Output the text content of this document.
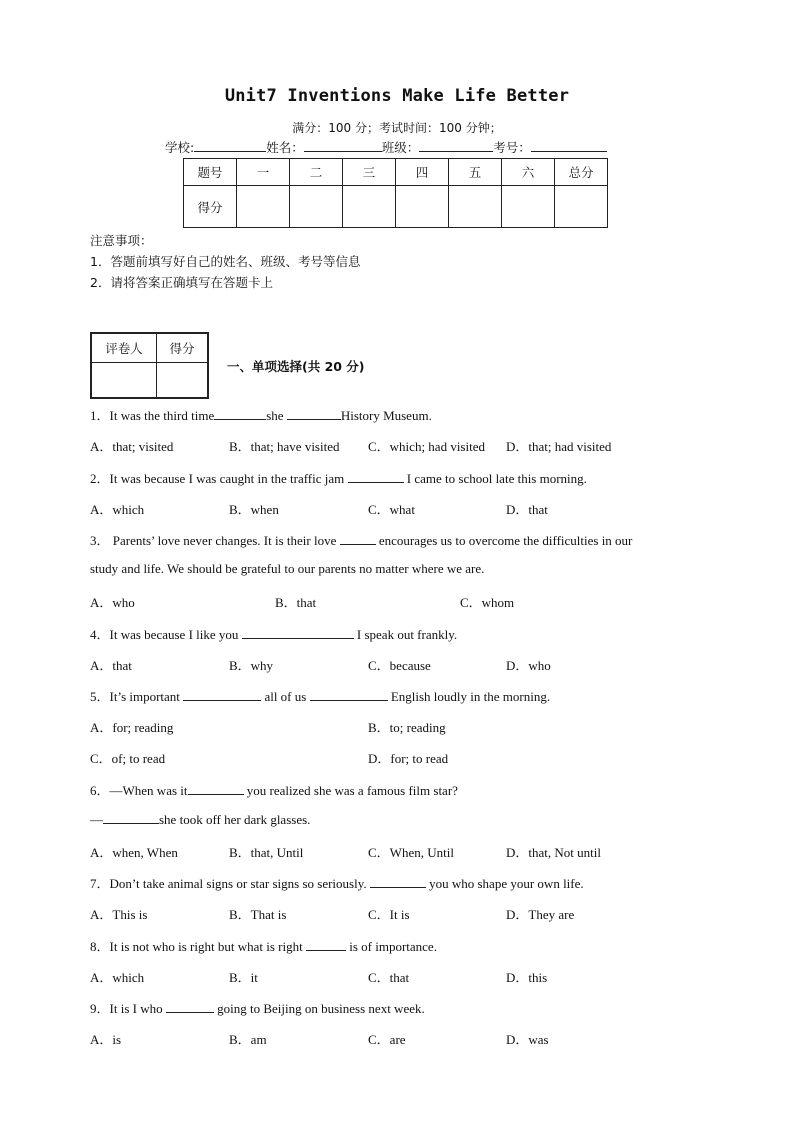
Unit7 Inventions Make Life Better
满分：100 分；考试时间：100 分钟；
学校:	姓名：	班级：	考号：
题号	一	二	三	四	五	六	总分
得分							
注意事项：
1．答题前填写好自己的姓名、班级、考号等信息
2．请将答案正确填写在答题卡上
评卷人	得分

一、单项选择(共 20 分)
1．It was the third time	she	History Museum.
A．that; visited	B．that; have visited C．which; had visited D．that; had visited
2．It was because I was caught in the traffic jam	I came to school late this morning.
A．which	B．when	C．what	D．that
3． Parents’ love never changes. It is their love	encourages us to overcome the difficulties in our
study and life. We should be grateful to our parents no matter where we are.
A．who	B．that	C．whom
4．It was because I like you	I speak out frankly.
A．that	B．why	C．because	D．who
5．It’s important	all of us	English loudly in the morning.
A．for; reading	B．to; reading
C．of; to read	D．for; to read
6．—When was it	you realized she was a famous film star?
—	she took off her dark glasses.
A．when, When	B．that, Until	C．When, Until	D．that, Not until
7．Don’t take animal signs or star signs so seriously.	you who shape your own life.
A．This is	B．That is	C．It is	D．They are
8．It is not who is right but what is right	is of importance.
A．which	B．it	C．that	D．this
9．It is I who	going to Beijing on business next week.
A．is	B．am	C．are	D．was
